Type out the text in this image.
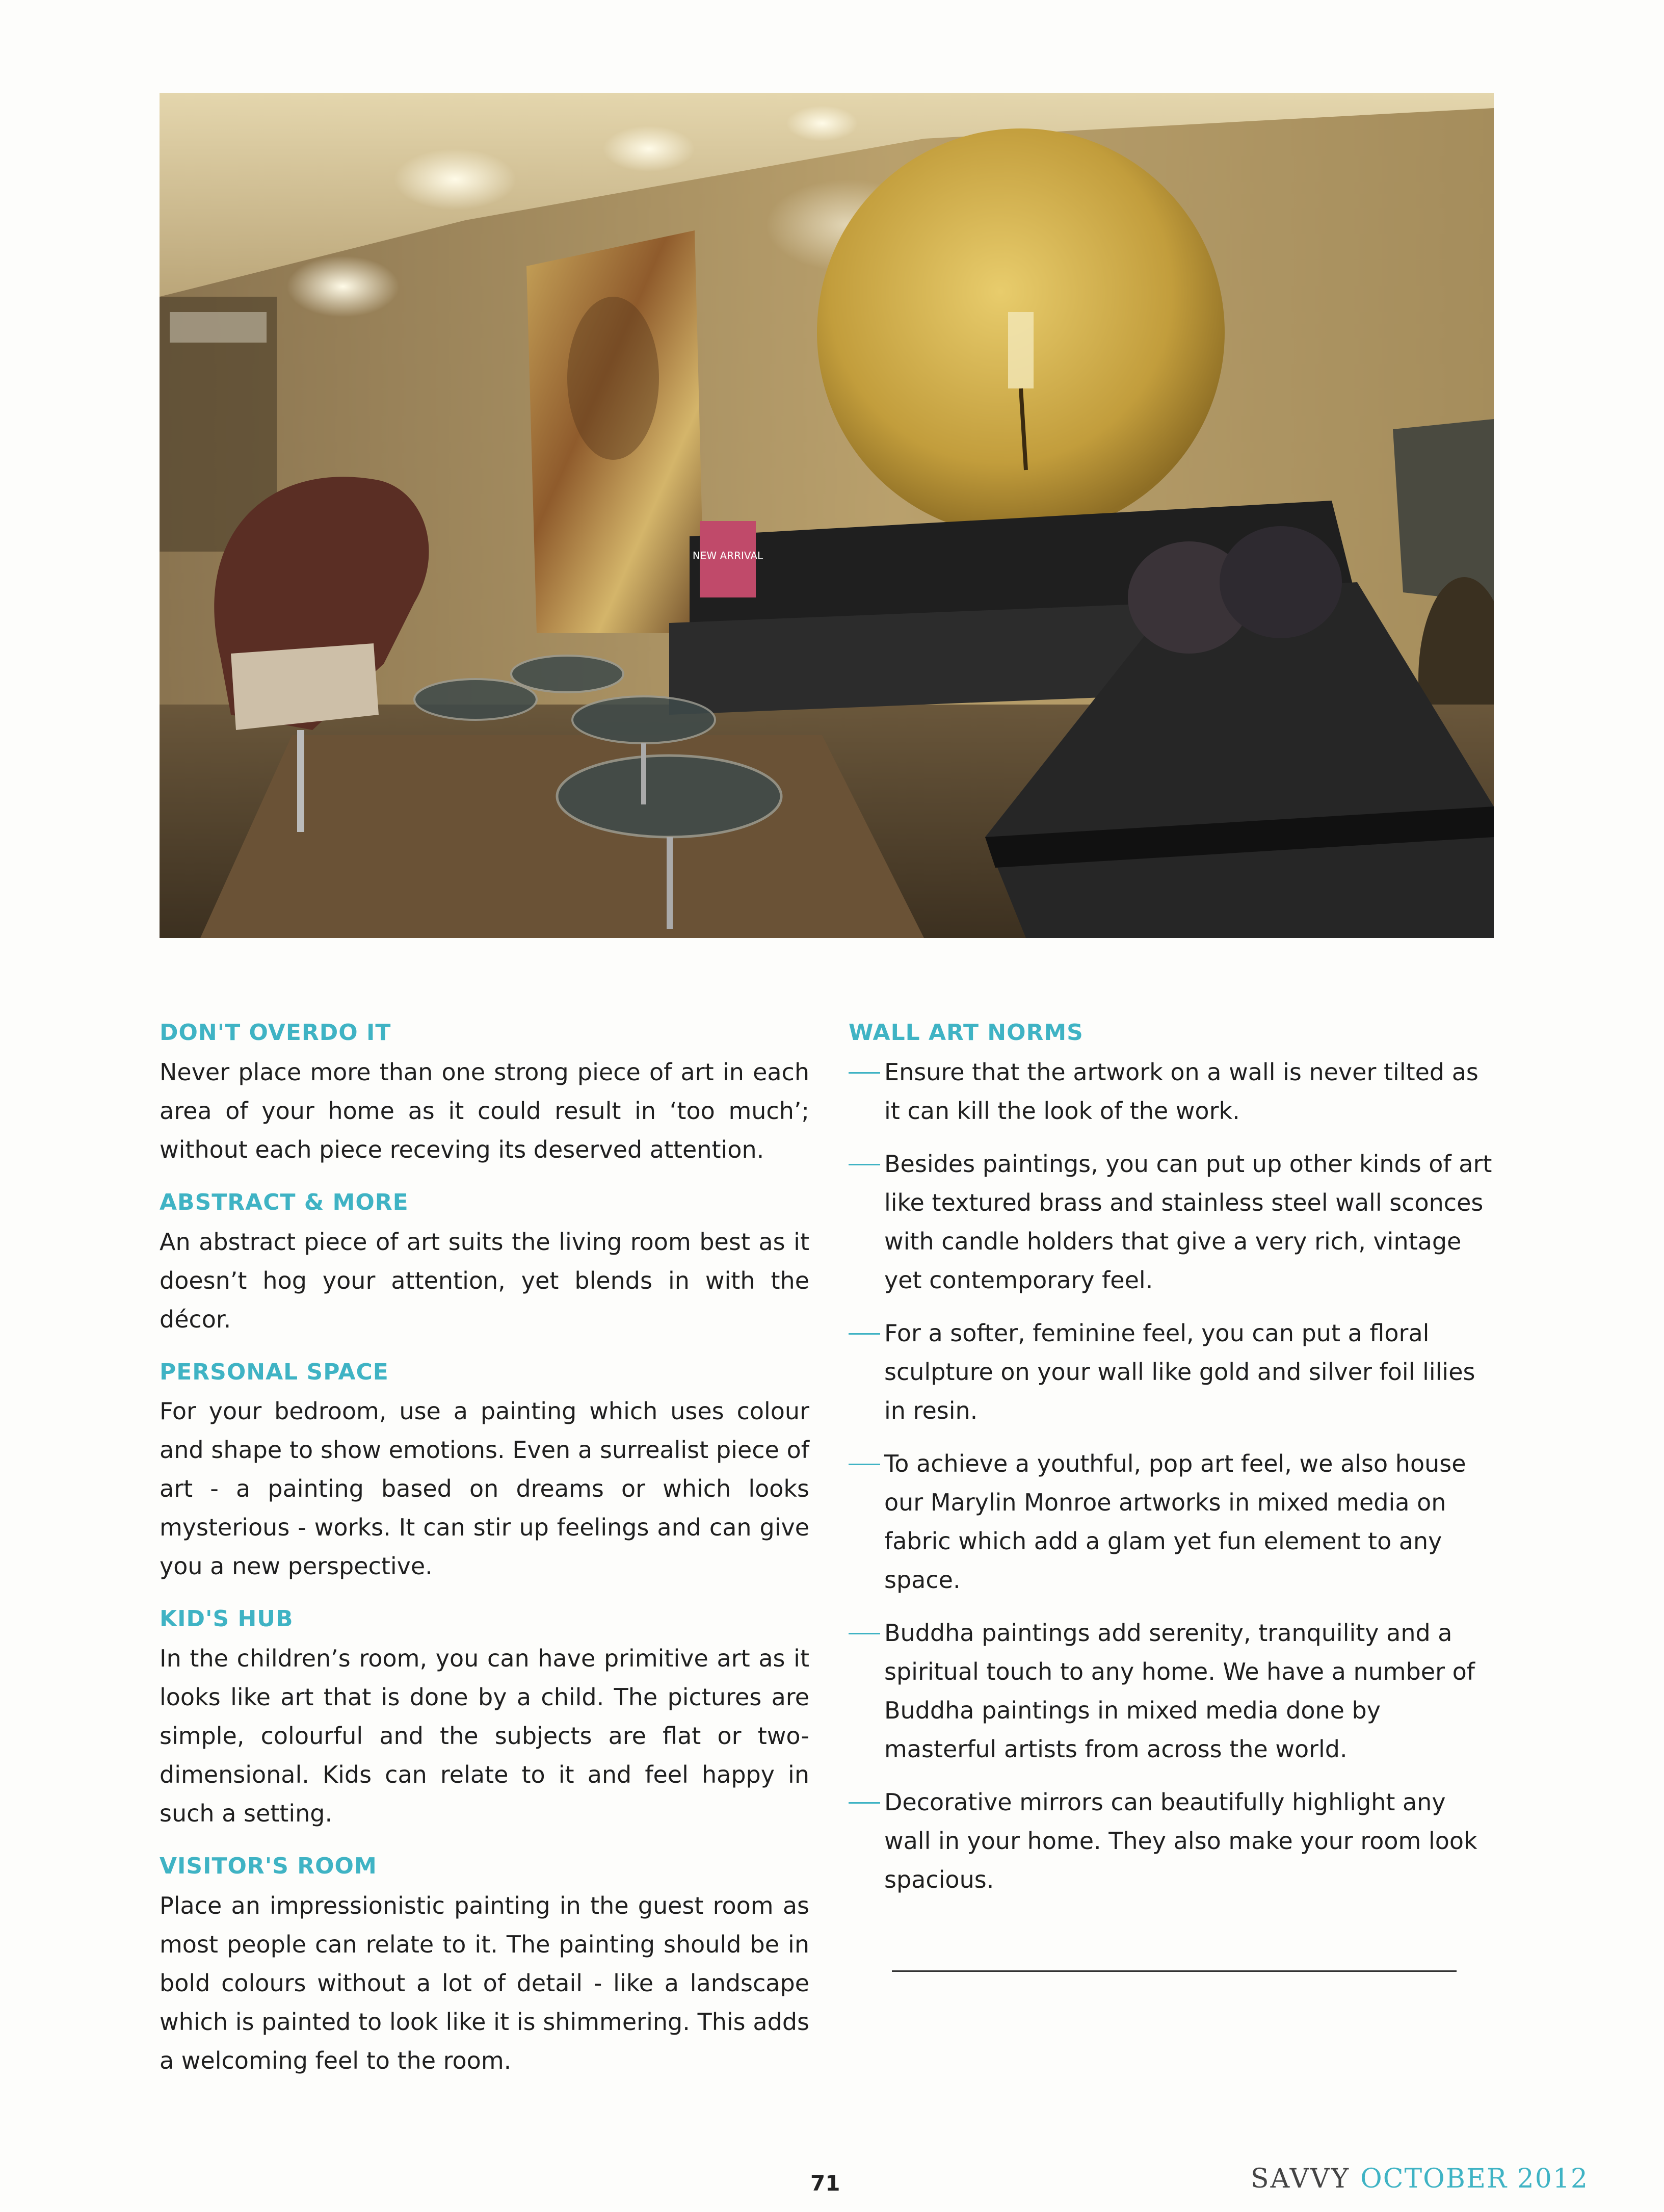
NEW ARRIVAL
DON'T OVERDO IT

Never place more than one strong piece of art in each area of your home as it could result in ‘too much’; without each piece receving its deserved attention.

ABSTRACT & MORE

An abstract piece of art suits the living room best as it doesn’t hog your attention, yet blends in with the décor.

PERSONAL SPACE

For your bedroom, use a painting which uses colour and shape to show emotions. Even a surrealist piece of art - a painting based on dreams or which looks mysterious - works. It can stir up feelings and can give you a new perspective.

KID'S HUB

In the children’s room, you can have primitive art as it looks like art that is done by a child. The pictures are simple, colourful and the subjects are flat or two-dimensional. Kids can relate to it and feel happy in such a setting.

VISITOR'S ROOM

Place an impressionistic painting in the guest room as most people can relate to it. The painting should be in bold colours without a lot of detail - like a landscape which is painted to look like it is shimmering. This adds a welcoming feel to the room.

WALL ART NORMS

Ensure that the artwork on a wall is never tilted as it can kill the look of the work.

Besides paintings, you can put up other kinds of art like textured brass and stainless steel wall sconces with candle holders that give a very rich, vintage yet contemporary feel.

For a softer, feminine feel, you can put a floral sculpture on your wall like gold and silver foil lilies in resin.

To achieve a youthful, pop art feel, we also house our Marylin Monroe artworks in mixed media on fabric which add a glam yet fun element to any space.

Buddha paintings add serenity, tranquility and a spiritual touch to any home. We have a number of Buddha paintings in mixed media done by masterful artists from across the world.

Decorative mirrors can beautifully highlight any wall in your home. They also make your room look spacious.

71	SAVVY OCTOBER 2012
